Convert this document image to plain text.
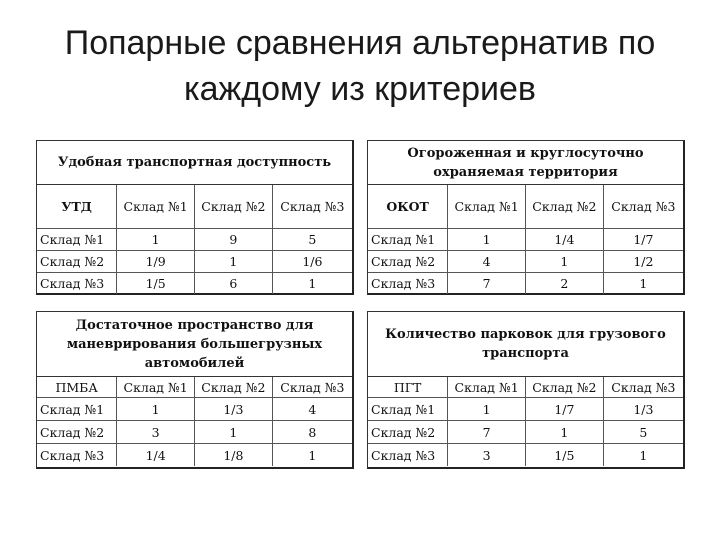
Попарные сравнения альтернатив по
каждому из критериев
Удобная транспортная доступность
УТД	Склад №1	Склад №2	Склад №3
Склад №1	1	9	5
Склад №2	1/9	1	1/6
Склад №3	1/5	6	1
Огороженная и круглосуточно
охраняемая территория
ОКОТ	Склад №1	Склад №2	Склад №3
Склад №1	1	1/4	1/7
Склад №2	4	1	1/2
Склад №3	7	2	1
Достаточное пространство для
маневрирования большегрузных
автомобилей
ПМБА	Склад №1	Склад №2	Склад №3
Склад №1	1	1/3	4
Склад №2	3	1	8
Склад №3	1/4	1/8	1
Количество парковок для грузового
транспорта
ПГТ	Склад №1	Склад №2	Склад №3
Склад №1	1	1/7	1/3
Склад №2	7	1	5
Склад №3	3	1/5	1
